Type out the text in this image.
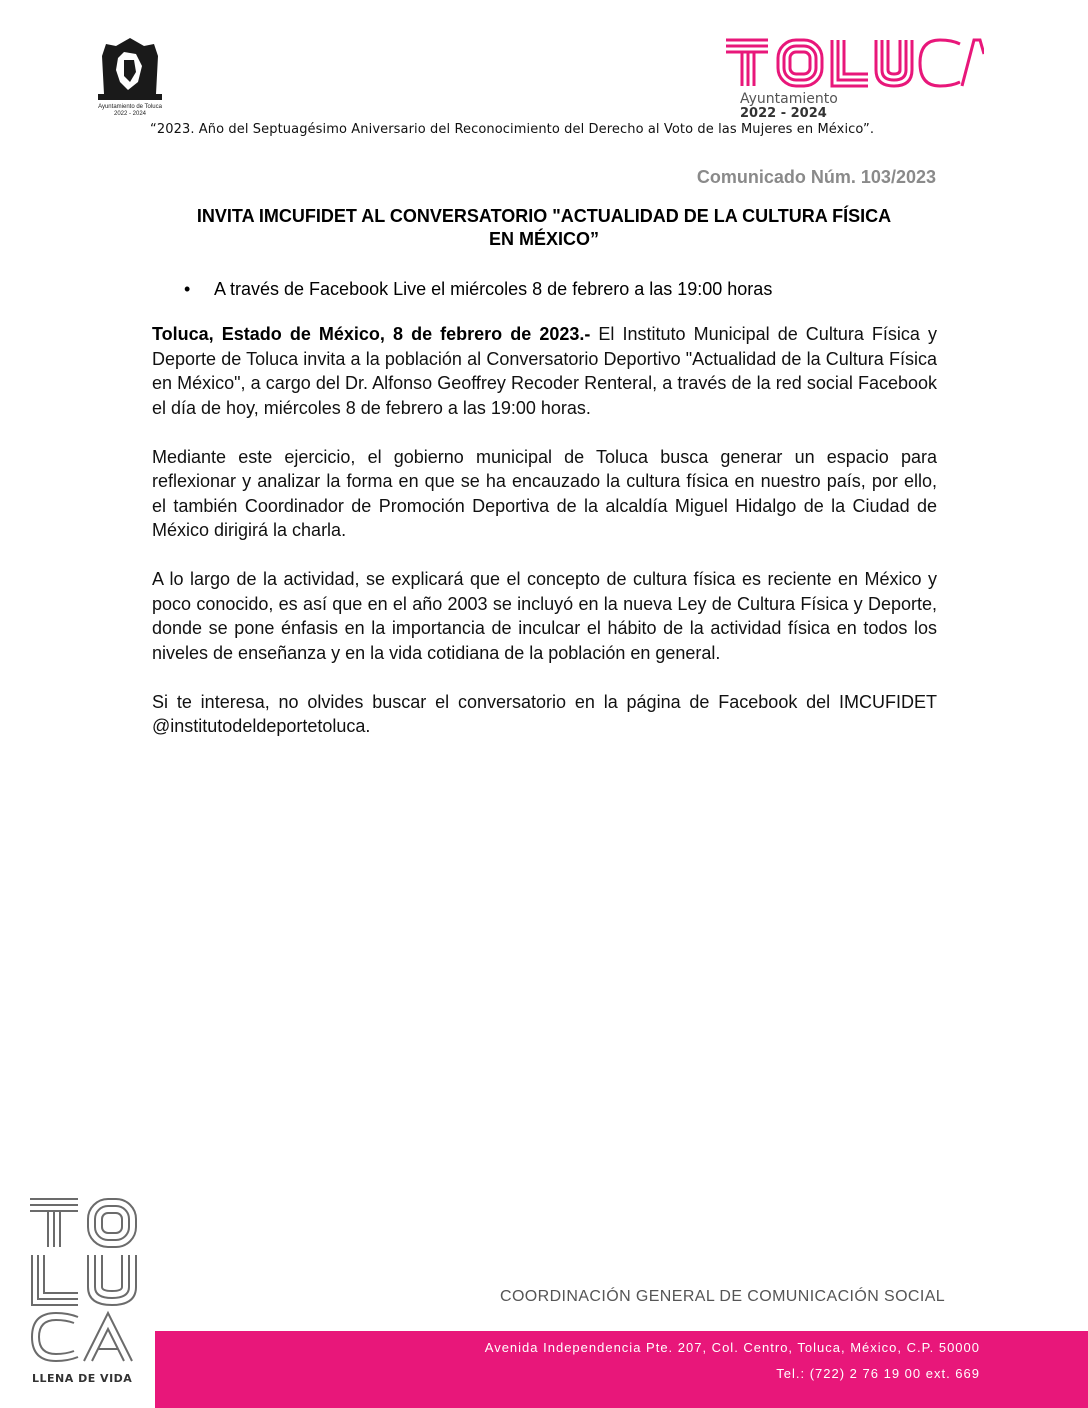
Ayuntamiento de Toluca
2022 - 2024
Ayuntamiento
2022 - 2024
“2023. Año del Septuagésimo Aniversario del Reconocimiento del Derecho al Voto de las Mujeres en México”.
Comunicado Núm. 103/2023
INVITA IMCUFIDET AL CONVERSATORIO "ACTUALIDAD DE LA CULTURA FÍSICA
EN MÉXICO”
•	A través de Facebook Live el miércoles 8 de febrero a las 19:00 horas

Toluca, Estado de México, 8 de febrero de 2023.- El Instituto Municipal de Cultura Física y Deporte de Toluca invita a la población al Conversatorio Deportivo "Actualidad de la Cultura Física en México", a cargo del Dr. Alfonso Geoffrey Recoder Renteral, a través de la red social Facebook el día de hoy, miércoles 8 de febrero a las 19:00 horas.

Mediante este ejercicio, el gobierno municipal de Toluca busca generar un espacio para reflexionar y analizar la forma en que se ha encauzado la cultura física en nuestro país, por ello, el también Coordinador de Promoción Deportiva de la alcaldía Miguel Hidalgo de la Ciudad de México dirigirá la charla.

A lo largo de la actividad, se explicará que el concepto de cultura física es reciente en México y poco conocido, es así que en el año 2003 se incluyó en la nueva Ley de Cultura Física y Deporte, donde se pone énfasis en la importancia de inculcar el hábito de la actividad física en todos los niveles de enseñanza y en la vida cotidiana de la población en general.

Si te interesa, no olvides buscar el conversatorio en la página de Facebook del IMCUFIDET @institutodeldeportetoluca.

LLENA DE VIDA
COORDINACIÓN GENERAL DE COMUNICACIÓN SOCIAL
Avenida Independencia Pte. 207, Col. Centro, Toluca, México, C.P. 50000
Tel.: (722) 2 76 19 00 ext. 669
